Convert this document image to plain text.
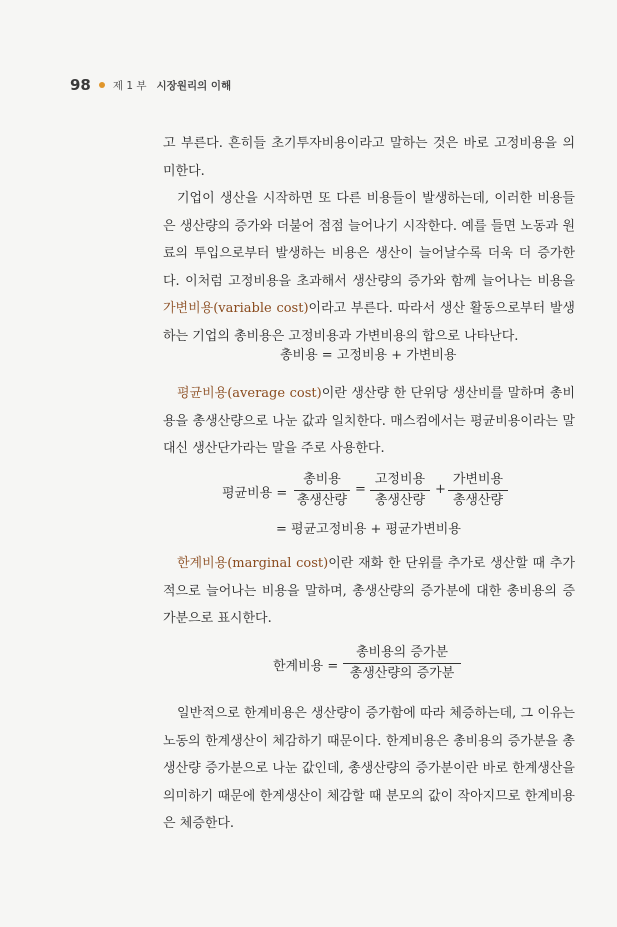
98 제 1 부 시장원리의 이해

고 부른다. 흔히들 초기투자비용이라고 말하는 것은 바로 고정비용을 의미한다.

기업이 생산을 시작하면 또 다른 비용들이 발생하는데, 이러한 비용들은 생산량의 증가와 더불어 점점 늘어나기 시작한다. 예를 들면 노동과 원료의 투입으로부터 발생하는 비용은 생산이 늘어날수록 더욱 더 증가한다. 이처럼 고정비용을 초과해서 생산량의 증가와 함께 늘어나는 비용을 가변비용(variable cost)이라고 부른다. 따라서 생산 활동으로부터 발생하는 기업의 총비용은 고정비용과 가변비용의 합으로 나타난다.

총비용 = 고정비용 + 가변비용

평균비용(average cost)이란 생산량 한 단위당 생산비를 말하며 총비용을 총생산량으로 나눈 값과 일치한다. 매스컴에서는 평균비용이라는 말 대신 생산단가라는 말을 주로 사용한다.

평균비용 =
총비용
총생산량
=
고정비용
총생산량
+
가변비용
총생산량
= 평균고정비용 + 평균가변비용

한계비용(marginal cost)이란 재화 한 단위를 추가로 생산할 때 추가적으로 늘어나는 비용을 말하며, 총생산량의 증가분에 대한 총비용의 증가분으로 표시한다.

한계비용 =
총비용의 증가분
총생산량의 증가분

일반적으로 한계비용은 생산량이 증가함에 따라 체증하는데, 그 이유는 노동의 한계생산이 체감하기 때문이다. 한계비용은 총비용의 증가분을 총생산량 증가분으로 나눈 값인데, 총생산량의 증가분이란 바로 한계생산을 의미하기 때문에 한계생산이 체감할 때 분모의 값이 작아지므로 한계비용은 체증한다.
